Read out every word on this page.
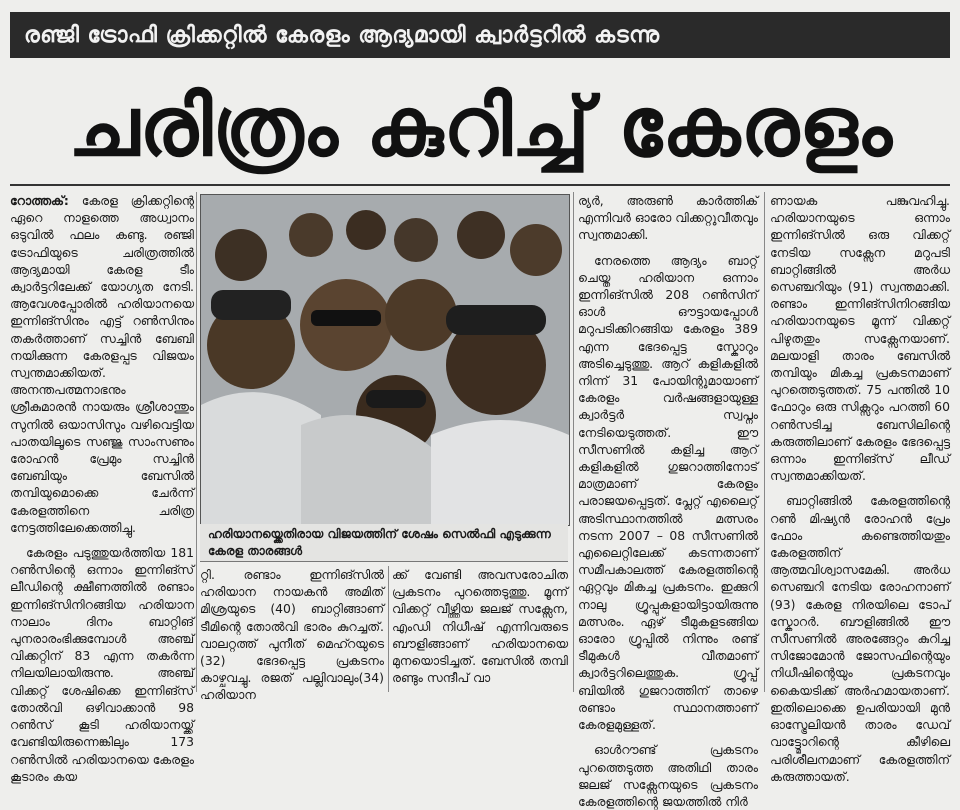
രഞ്ജി ട്രോഫി ക്രിക്കറ്റില്‍ കേരളം ആദ്യമായി ക്വാര്‍ട്ടറില്‍ കടന്നു
ചരിത്രം കുറിച്ച് കേരളം

റോത്തക്: കേരള ക്രിക്കറ്റിന്റെ ഏറെ നാളത്തെ അധ്വാനം ഒടുവില്‍ ഫലം കണ്ടു. രഞ്ജി ട്രോഫിയുടെ ചരിത്രത്തില്‍ ആദ്യമായി കേരള ടീം ക്വാര്‍ട്ടറിലേക്ക് യോഗ്യത നേടി. ആവേശപ്പോരില്‍ ഹരിയാനയെ ഇന്നിങ്സിനും എട്ട് റണ്‍സിനും തകര്‍ത്താണ് സച്ചിന്‍ ബേബി നയിക്കുന്ന കേരളപ്പട വിജയം സ്വന്തമാക്കിയത്. അനന്തപത്മനാഭനും ശ്രീകുമാരന്‍ നായരും ശ്രീശാന്തും സുനില്‍ ഒയാസിസും വഴിവെട്ടിയ പാതയിലൂടെ സഞ്ജു സാംസണും രോഹന്‍ പ്രേമും സച്ചിന്‍ ബേബിയും ബേസില്‍ തമ്പിയുമൊക്കെ ചേര്‍ന്ന് കേരളത്തിനെ ചരിത്ര നേട്ടത്തിലേക്കെത്തിച്ചു.

കേരളം പടുത്തുയര്‍ത്തിയ 181 റണ്‍സിന്റെ ഒന്നാം ഇന്നിങ്സ് ലീഡിന്റെ ക്ഷീണത്തില്‍ രണ്ടാം ഇന്നിങ്സിനിറങ്ങിയ ഹരിയാന നാലാം ദിനം ബാറ്റിങ് പുനരാരംഭിക്കുമ്പോള്‍ അഞ്ച് വിക്കറ്റിന് 83 എന്ന തകര്‍ന്ന നിലയിലായിരുന്നു. അഞ്ച് വിക്കറ്റ് ശേഷിക്കെ ഇന്നിങ്സ് തോല്‍വി ഒഴിവാക്കാന്‍ 98 റണ്‍സ് കൂടി ഹരിയാനയ്ക്ക് വേണ്ടിയിരുന്നെങ്കിലും 173 റണ്‍സില്‍ ഹരിയാനയെ കേരളം കൂടാരം കയ

ഹരിയാനയ്ക്കെതിരായ വിജയത്തിന് ശേഷം സെല്‍ഫി എടുക്കുന്ന കേരള താരങ്ങള്‍

റ്റി. രണ്ടാം ഇന്നിങ്സില്‍ ഹരിയാന നായകന്‍ അമിത് മിശ്രയുടെ (40) ബാറ്റിങ്ങാണ് ടീമിന്റെ തോല്‍വി ഭാരം കുറച്ചത്. വാലറ്റത്ത് പുനീത് മെഹ്റയുടെ (32) ഭേദപ്പെട്ട പ്രകടനം കാഴ്ചവച്ചു. രജത് പല്ലിവാലും(34) ഹരിയാന

ക്ക് വേണ്ടി അവസരോചിത പ്രകടനം പുറത്തെടുത്തു. മൂന്ന് വിക്കറ്റ് വീഴ്ത്തിയ ജലജ് സക്സേന, എംഡി നിധീഷ് എന്നിവരുടെ ബൗളിങ്ങാണ് ഹരിയാനയെ മുനയൊടിച്ചത്. ബേസില്‍ തമ്പി രണ്ടും സന്ദീപ് വാ

ര്യര്‍, അരുണ്‍ കാര്‍ത്തിക് എന്നിവര്‍ ഓരോ വിക്കറ്റുവീതവും സ്വന്തമാക്കി.

നേരത്തെ ആദ്യം ബാറ്റ് ചെയ്ത ഹരിയാന ഒന്നാം ഇന്നിങ്സില്‍ 208 റണ്‍സിന് ഓള്‍ ഔട്ടായപ്പോള്‍ മറുപടിക്കിറങ്ങിയ കേരളം 389 എന്ന ഭേദപ്പെട്ട സ്കോറും അടിച്ചെടുത്തു. ആറ് കളികളില്‍ നിന്ന് 31 പോയിന്റുമായാണ് കേരളം വര്‍ഷങ്ങളായുള്ള ക്വാര്‍ട്ടര്‍ സ്വപ്നം നേടിയെടുത്തത്. ഈ സീസണില്‍ കളിച്ച ആറ് കളികളില്‍ ഗുജറാത്തിനോട് മാത്രമാണ് കേരളം പരാജയപ്പെട്ടത്. പ്ലേറ്റ് എലൈറ്റ് അടിസ്ഥാനത്തില്‍ മത്സരം നടന്ന 2007 – 08 സീസണില്‍ എലൈറ്റിലേക്ക് കടന്നതാണ് സമീപകാലത്ത് കേരളത്തിന്റെ ഏറ്റവും മികച്ച പ്രകടനം. ഇക്കുറി നാലു ഗ്രൂപ്പുകളായിട്ടായിരുന്നു മത്സരം. ഏഴ് ടീമുകളടങ്ങിയ ഓരോ ഗ്രൂപ്പില്‍ നിന്നും രണ്ട് ടീമുകള്‍ വീതമാണ് ക്വാര്‍ട്ടറിലെത്തുക. ഗ്രൂപ്പ് ബിയില്‍ ഗുജറാത്തിന് താഴെ രണ്ടാം സ്ഥാനത്താണ് കേരളമുള്ളത്.

ഓള്‍റൗണ്ട് പ്രകടനം പുറത്തെടുത്ത അതിഥി താരം ജലജ് സക്സേനയുടെ പ്രകടനം കേരളത്തിന്റെ ജയത്തില്‍ നിര്‍

ണായക പങ്കുവഹിച്ചു. ഹരിയാനയുടെ ഒന്നാം ഇന്നിങ്സില്‍ ഒരു വിക്കറ്റ് നേടിയ സക്സേന മറുപടി ബാറ്റിങ്ങില്‍ അര്‍ധ സെഞ്ചറിയും (91) സ്വന്തമാക്കി. രണ്ടാം ഇന്നിങ്സിനിറങ്ങിയ ഹരിയാനയുടെ മൂന്ന് വിക്കറ്റ് പിഴുതതും സക്സേനയാണ്. മലയാളി താരം ബേസില്‍ തമ്പിയും മികച്ച പ്രകടനമാണ് പുറത്തെടുത്തത്. 75 പന്തില്‍ 10 ഫോറും ഒരു സിക്സറും പറത്തി 60 റണ്‍സടിച്ച ബേസിലിന്റെ കരുത്തിലാണ് കേരളം ഭേദപ്പെട്ട ഒന്നാം ഇന്നിങ്സ് ലീഡ് സ്വന്തമാക്കിയത്.

ബാറ്റിങ്ങില്‍ കേരളത്തിന്റെ റണ്‍ മിഷ്യന്‍ രോഹന്‍ പ്രേം ഫോം കണ്ടെത്തിയതും കേരളത്തിന് ആത്മവിശ്വാസമേകി. അര്‍ധ സെഞ്ചറി നേടിയ രോഹനാണ് (93) കേരള നിരയിലെ ടോപ് സ്കോറര്‍. ബൗളിങ്ങില്‍ ഈ സീസണില്‍ അരങ്ങേറ്റം കുറിച്ച സിജോമോന്‍ ജോസഫിന്റെയും നിധീഷിന്റെയും പ്രകടനവും കൈയടിക്ക് അര്‍ഹമായതാണ്. ഇതിലൊക്കെ ഉപരിയായി മുന്‍ ഓസ്ട്രേലിയന്‍ താരം ഡേവ് വാട്ട്മോറിന്റെ കീഴിലെ പരിശീലനമാണ് കേരളത്തിന് കരുത്തായത്.
